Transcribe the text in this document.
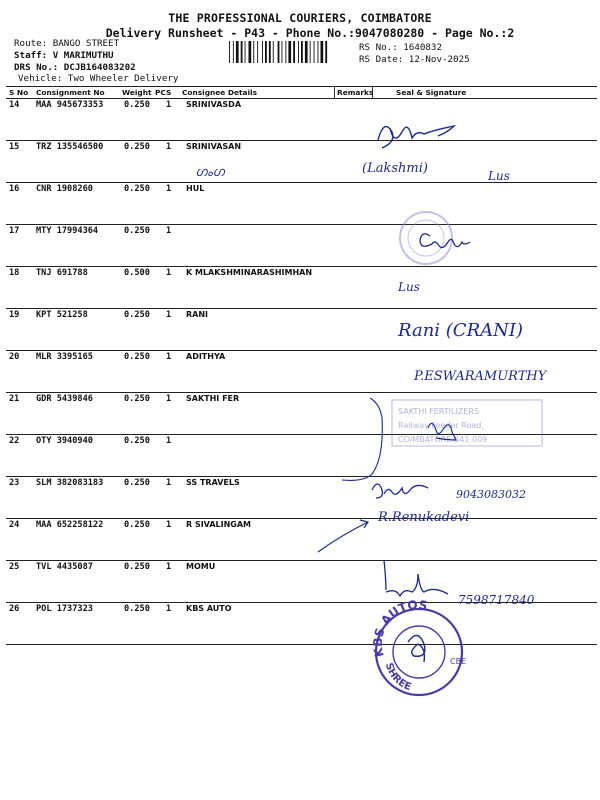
THE PROFESSIONAL COURIERS, COIMBATORE
Delivery Runsheet - P43 - Phone No.:9047080280 - Page No.:2
Route: BANGO STREET
Staff: V MARIMUTHU
DRS No.: DCJB164083202
Vehicle: Two Wheeler Delivery
RS No.: 1640832
RS Date: 12-Nov-2025
S No Consignment No Weight PCS Consignee Details	Remarks	Seal & Signature
14 MAA 945673353 0.250 1 SRINIVASDA
15 TRZ 135546500 0.250 1 SRINIVASAN
16 CNR 1908260	0.250 1 HUL
17 MTY 17994364	0.250 1
18 TNJ 691788	0.500 1 K MLAKSHMINARASHIMHAN
19 KPT 521258	0.250 1 RANI
20 MLR 3395165	0.250 1 ADITHYA
21 GDR 5439846	0.250 1 SAKTHI FER
22 OTY 3940940	0.250 1
23 SLM 382083183 0.250 1 SS TRAVELS
24 MAA 652258122 0.250 1 R SIVALINGAM
25 TVL 4435087	0.250 1 MOMU
26 POL 1737323	0.250 1 KBS AUTO
ഗംഗ	(Lakshmi)	Lus
Lus
Rani (CRANI)
P.ESWARAMURTHY
SAKTHI FERTILIZERS
Railway Feeder Road,
COIMBATORE-641 009
9043083032
R.Renukadevi
7598717840
KBS AUTOS
SHREE
CBE
